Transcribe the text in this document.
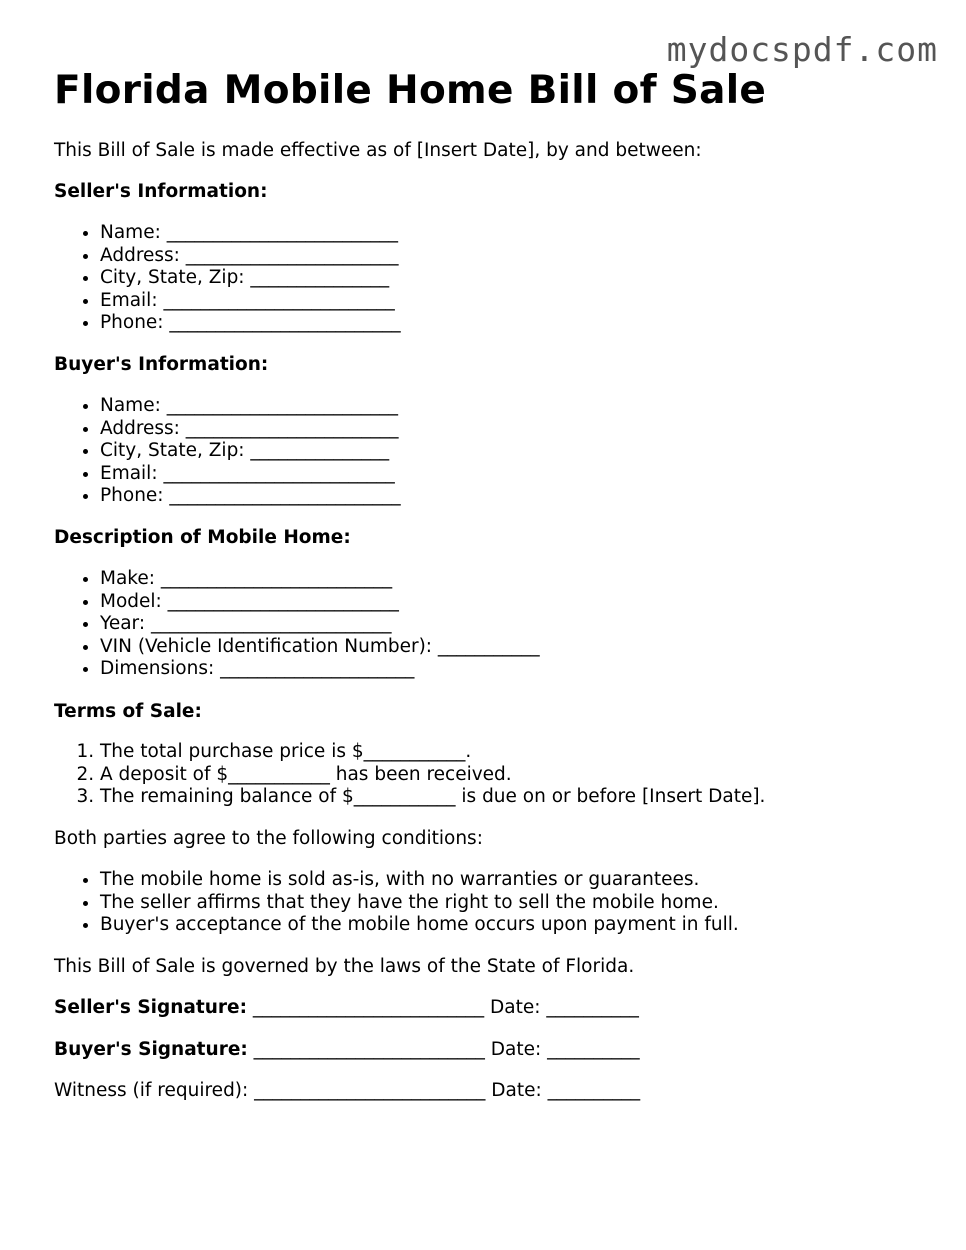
mydocspdf.com
Florida Mobile Home Bill of Sale

This Bill of Sale is made effective as of [Insert Date], by and between:

Seller's Information:

• Name: _________________________
• Address: _______________________
• City, State, Zip: _______________
• Email: _________________________
• Phone: _________________________

Buyer's Information:

• Name: _________________________
• Address: _______________________
• City, State, Zip: _______________
• Email: _________________________
• Phone: _________________________

Description of Mobile Home:

• Make: _________________________
• Model: _________________________
• Year: __________________________
• VIN (Vehicle Identification Number): ___________
• Dimensions: _____________________

Terms of Sale:

1. The total purchase price is $___________.
2. A deposit of $___________ has been received.
3. The remaining balance of $___________ is due on or before [Insert Date].

Both parties agree to the following conditions:

• The mobile home is sold as-is, with no warranties or guarantees.
• The seller affirms that they have the right to sell the mobile home.
• Buyer's acceptance of the mobile home occurs upon payment in full.

This Bill of Sale is governed by the laws of the State of Florida.

Seller's Signature: _________________________ Date: __________

Buyer's Signature: _________________________ Date: __________

Witness (if required): _________________________ Date: __________
